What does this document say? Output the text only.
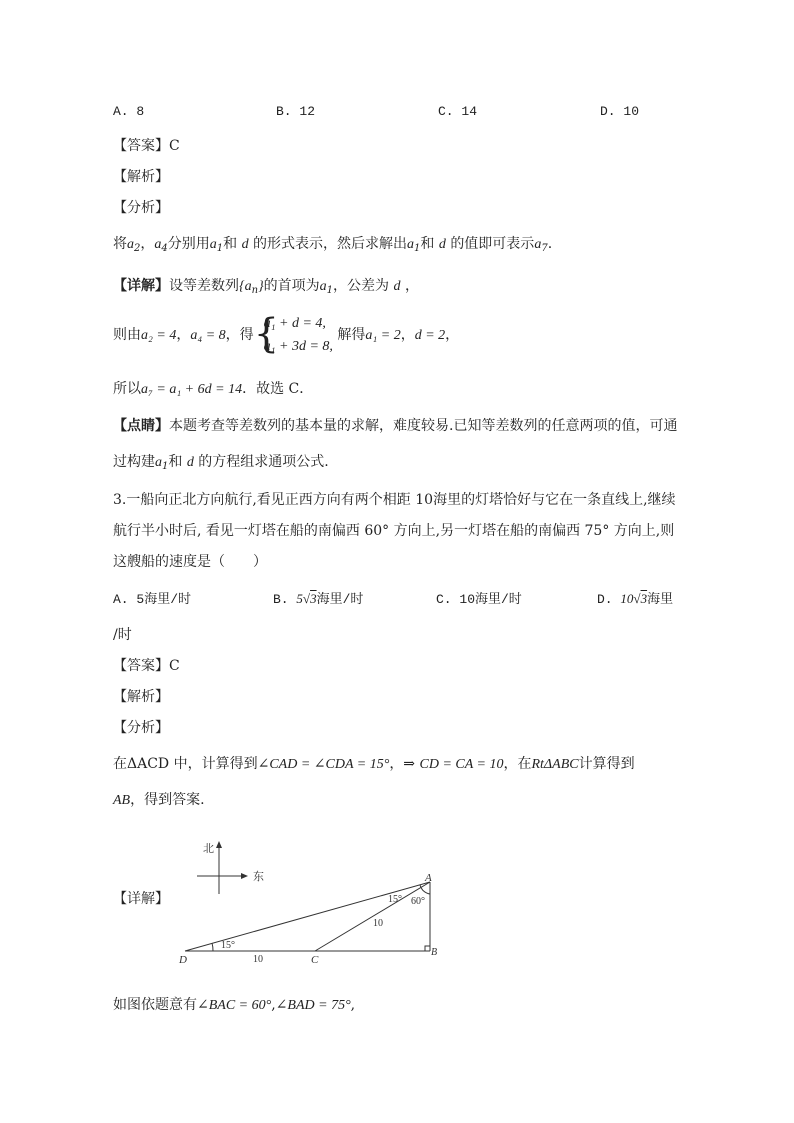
A. 8	B. 12	C. 14	D. 10
【答案】C
【解析】
【分析】
将$a_2$，$a_4$分别用$a_1$和 d 的形式表示，然后求解出$a_1$和 d 的值即可表示$a_7$.
【详解】设等差数列$\{a_n\}$的首项为$a_1$，公差为 d ，
则由a₂ = 4，a₄ = 8，得 {
a₁ + d = 4,
a₁ + 3d = 8, 解得a₁ = 2，d = 2，
所以a₇ = a₁ + 6d = 14．故选 C．
【点睛】本题考查等差数列的基本量的求解，难度较易.已知等差数列的任意两项的值，可通
过构建$a_1$和 d 的方程组求通项公式.
3.一船向正北方向航行,看见正西方向有两个相距 10海里的灯塔恰好与它在一条直线上,继续
航行半小时后, 看见一灯塔在船的南偏西 60° 方向上,另一灯塔在船的南偏西 75° 方向上,则
这艘船的速度是（　　）
A. 5海里/时	B. 5√3海里/时	C. 10海里/时	D. 10√3海里
/时
【答案】C
【解析】
【分析】
在ΔACD 中，计算得到∠CAD = ∠CDA = 15°，⇒ CD = CA = 10，在RtΔABC计算得到
AB，得到答案.
【详解】
北
东	A
B
C
D
15° 60°
15°
10
10
如图依题意有∠BAC = 60°,∠BAD = 75°,
